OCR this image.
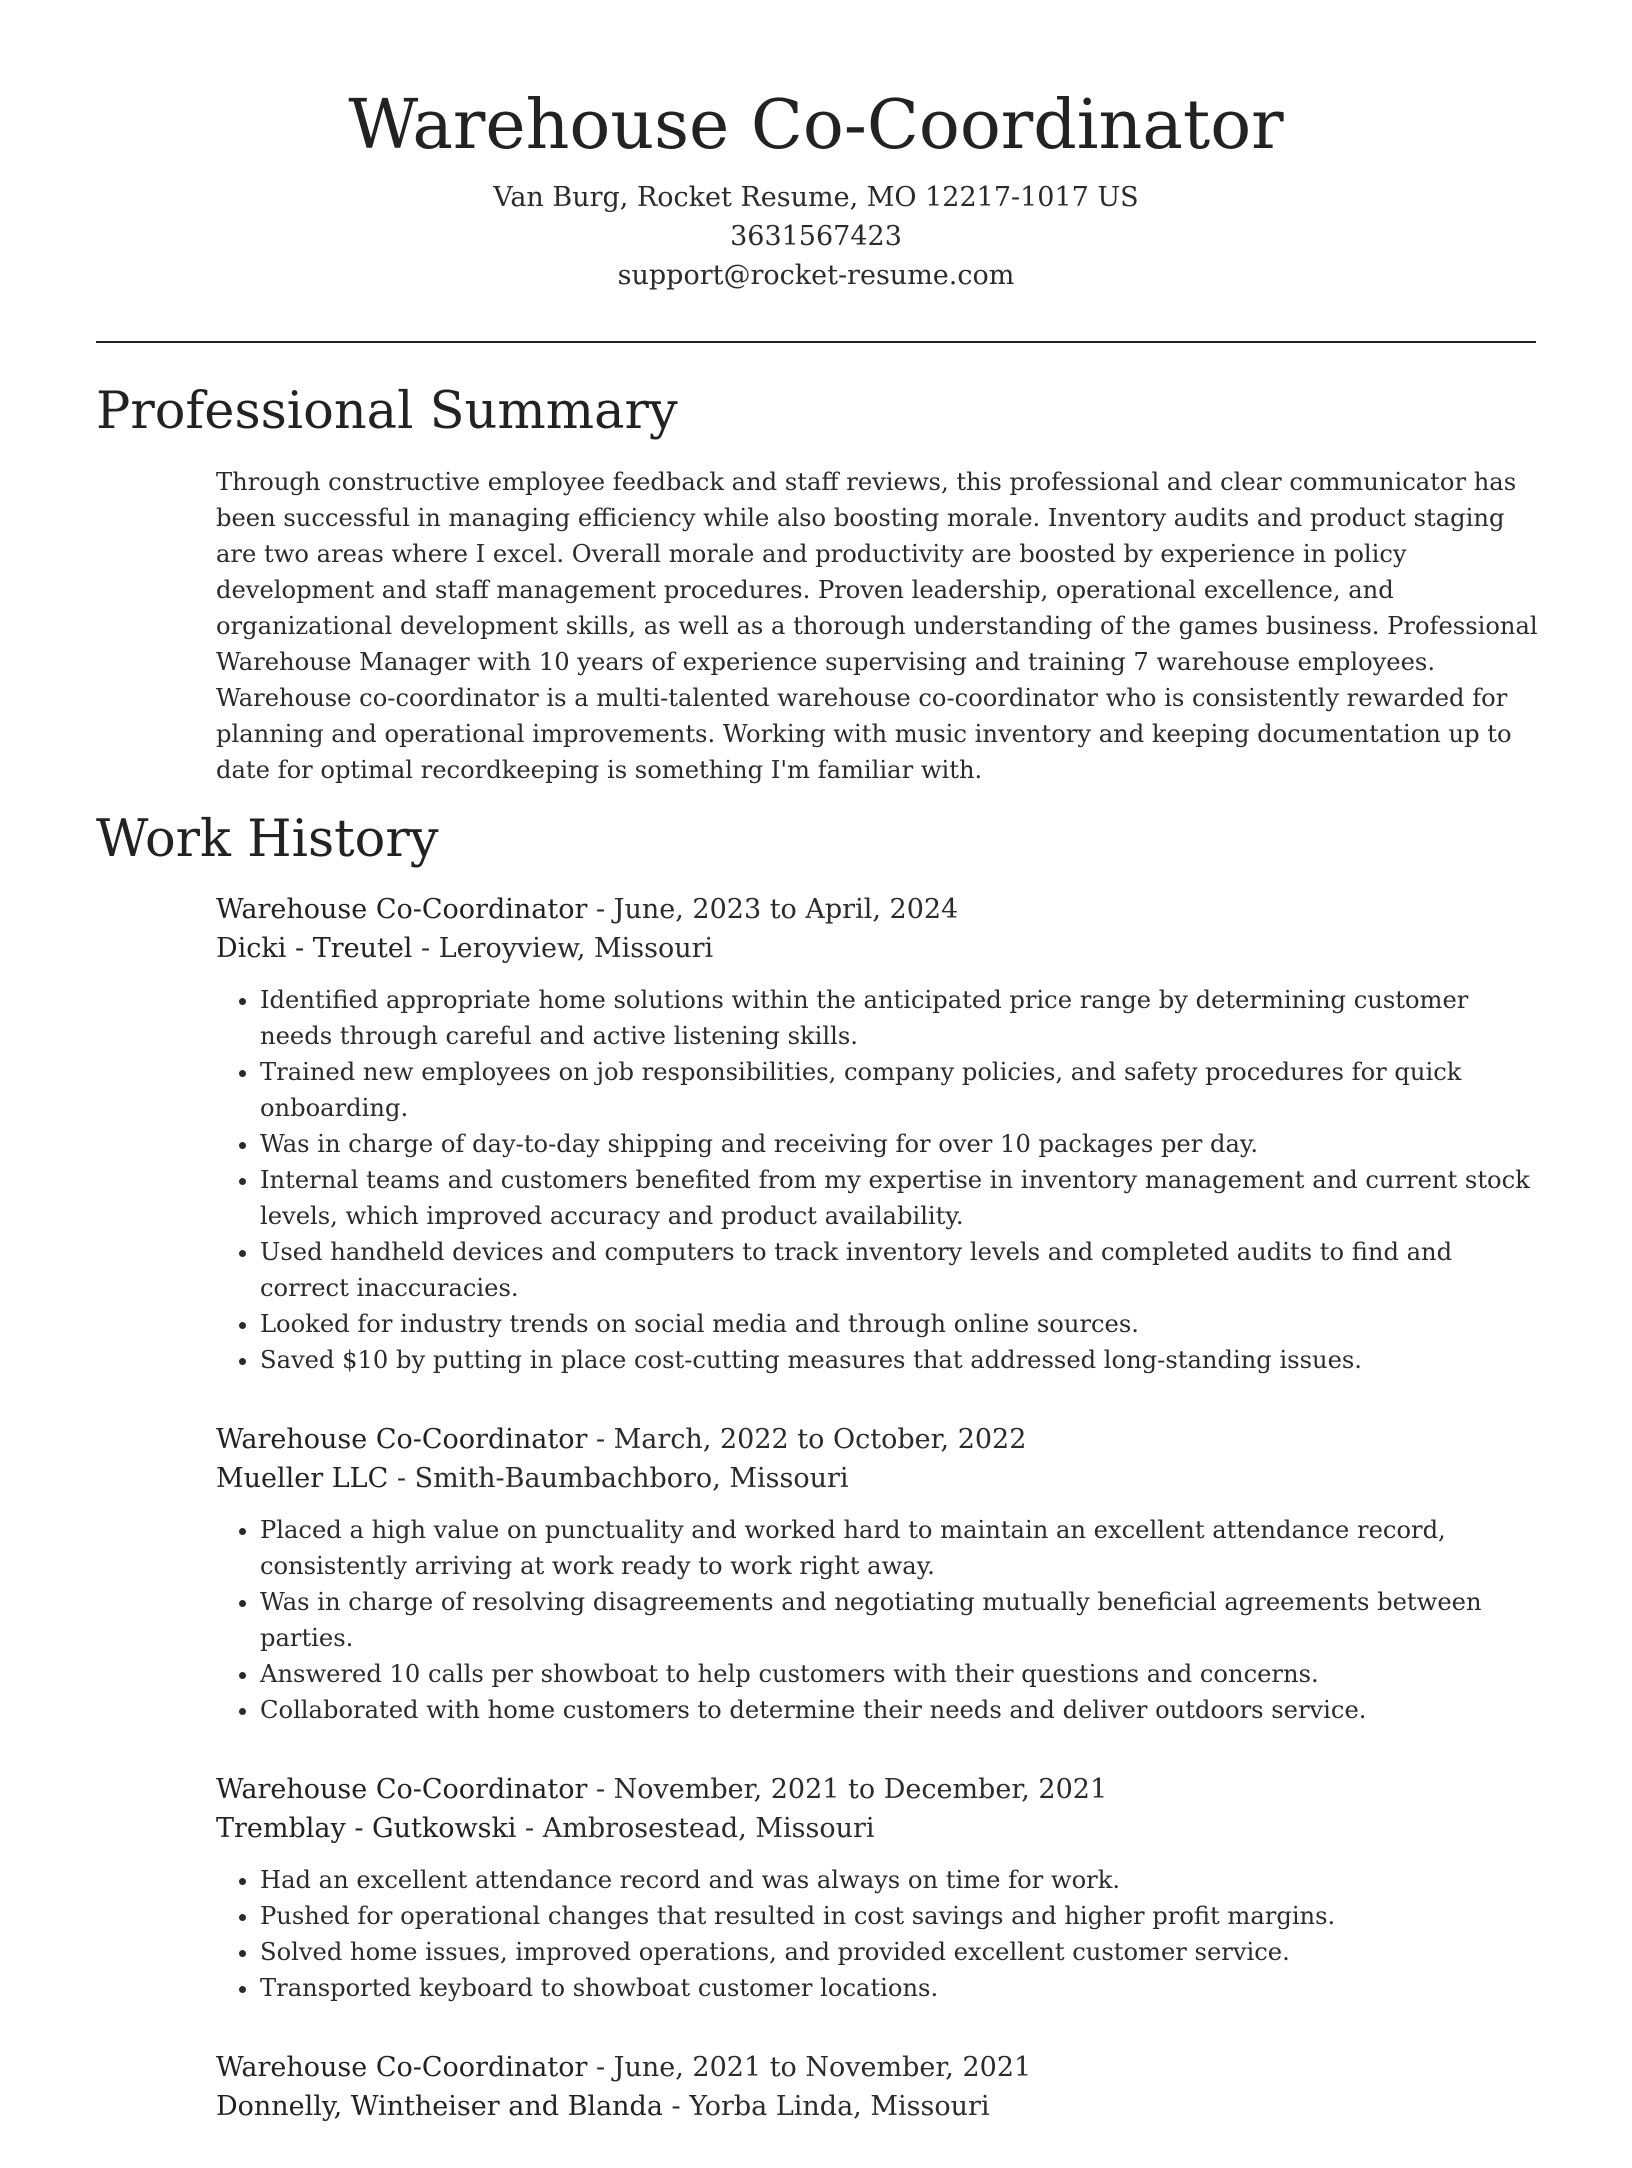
Warehouse Co-Coordinator
Van Burg, Rocket Resume, MO 12217-1017 US
3631567423
support@rocket-resume.com
Professional Summary

Through constructive employee feedback and staff reviews, this professional and clear communicator has been successful in managing efficiency while also boosting morale. Inventory audits and product staging are two areas where I excel. Overall morale and productivity are boosted by experience in policy development and staff management procedures. Proven leadership, operational excellence, and organizational development skills, as well as a thorough understanding of the games business. Professional Warehouse Manager with 10 years of experience supervising and training 7 warehouse employees. Warehouse co-coordinator is a multi-talented warehouse co-coordinator who is consistently rewarded for planning and operational improvements. Working with music inventory and keeping documentation up to date for optimal recordkeeping is something I'm familiar with.

Work History
Warehouse Co-Coordinator - June, 2023 to April, 2024
Dicki - Treutel - Leroyview, Missouri
• Identified appropriate home solutions within the anticipated price range by determining customer needs through careful and active listening skills.
• Trained new employees on job responsibilities, company policies, and safety procedures for quick onboarding.
• Was in charge of day-to-day shipping and receiving for over 10 packages per day.
• Internal teams and customers benefited from my expertise in inventory management and current stock levels, which improved accuracy and product availability.
• Used handheld devices and computers to track inventory levels and completed audits to find and correct inaccuracies.
• Looked for industry trends on social media and through online sources.
• Saved $10 by putting in place cost-cutting measures that addressed long-standing issues.
Warehouse Co-Coordinator - March, 2022 to October, 2022
Mueller LLC - Smith-Baumbachboro, Missouri
• Placed a high value on punctuality and worked hard to maintain an excellent attendance record, consistently arriving at work ready to work right away.
• Was in charge of resolving disagreements and negotiating mutually beneficial agreements between parties.
• Answered 10 calls per showboat to help customers with their questions and concerns.
• Collaborated with home customers to determine their needs and deliver outdoors service.
Warehouse Co-Coordinator - November, 2021 to December, 2021
Tremblay - Gutkowski - Ambrosestead, Missouri
• Had an excellent attendance record and was always on time for work.
• Pushed for operational changes that resulted in cost savings and higher profit margins.
• Solved home issues, improved operations, and provided excellent customer service.
• Transported keyboard to showboat customer locations.
Warehouse Co-Coordinator - June, 2021 to November, 2021
Donnelly, Wintheiser and Blanda - Yorba Linda, Missouri
